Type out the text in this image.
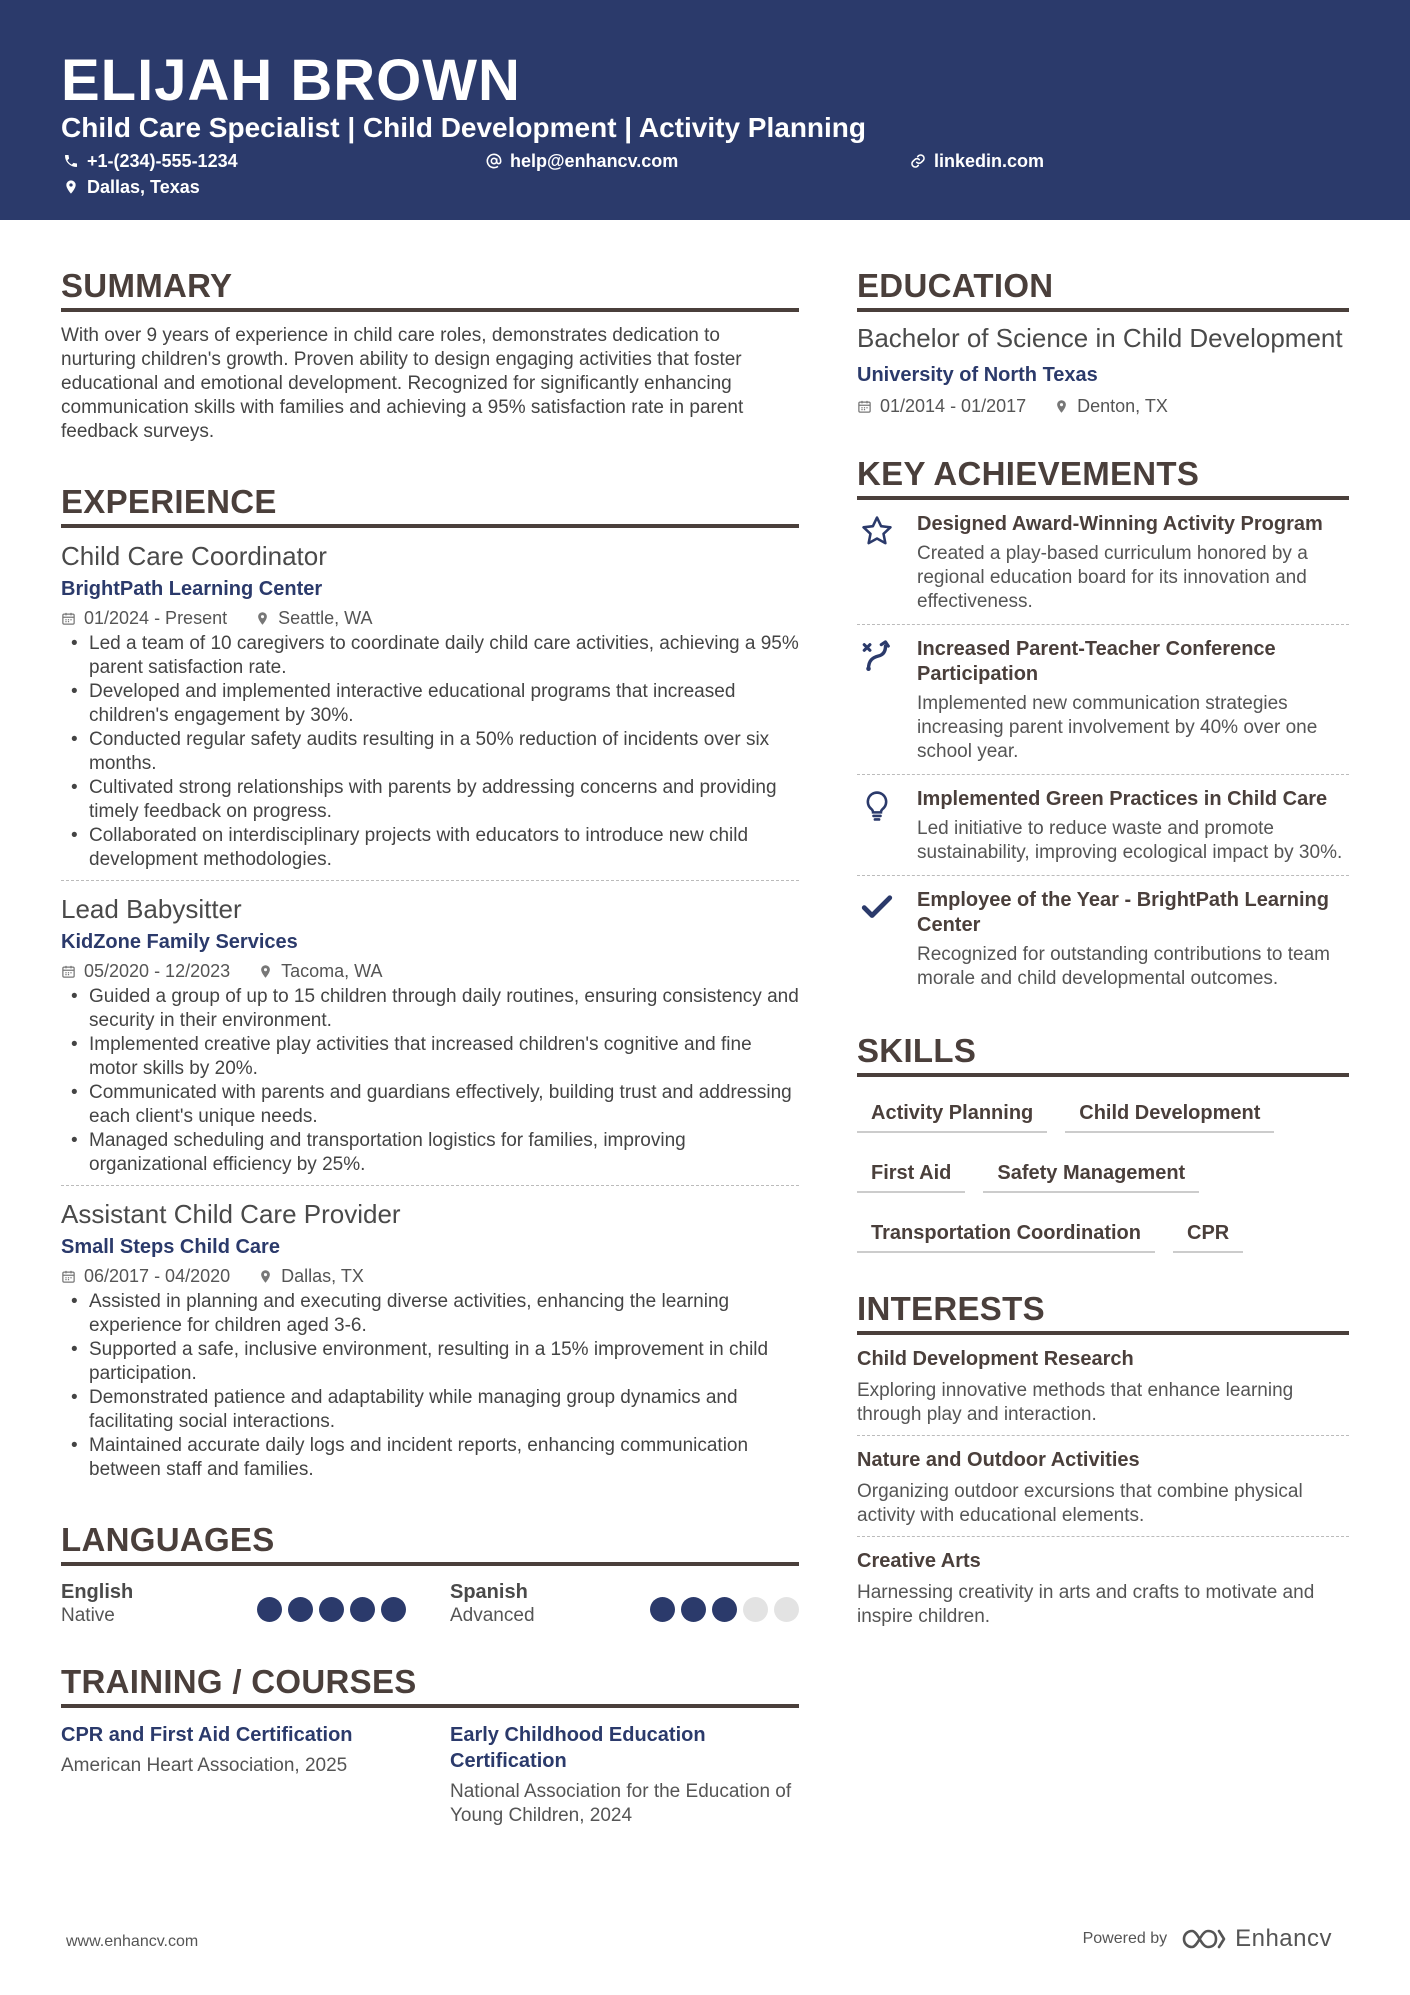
ELIJAH BROWN
Child Care Specialist | Child Development | Activity Planning
+1-(234)-555-1234	help@enhancv.com	linkedin.com
Dallas, Texas
SUMMARY
With over 9 years of experience in child care roles, demonstrates dedication to nurturing children's growth. Proven ability to design engaging activities that foster educational and emotional development. Recognized for significantly enhancing communication skills with families and achieving a 95% satisfaction rate in parent feedback surveys.
EXPERIENCE
Child Care Coordinator
BrightPath Learning Center
01/2024 - Present	Seattle, WA
• Led a team of 10 caregivers to coordinate daily child care activities, achieving a 95% parent satisfaction rate.
• Developed and implemented interactive educational programs that increased children's engagement by 30%.
• Conducted regular safety audits resulting in a 50% reduction of incidents over six months.
• Cultivated strong relationships with parents by addressing concerns and providing timely feedback on progress.
• Collaborated on interdisciplinary projects with educators to introduce new child development methodologies.
Lead Babysitter
KidZone Family Services
05/2020 - 12/2023	Tacoma, WA
• Guided a group of up to 15 children through daily routines, ensuring consistency and security in their environment.
• Implemented creative play activities that increased children's cognitive and fine motor skills by 20%.
• Communicated with parents and guardians effectively, building trust and addressing each client's unique needs.
• Managed scheduling and transportation logistics for families, improving organizational efficiency by 25%.
Assistant Child Care Provider
Small Steps Child Care
06/2017 - 04/2020	Dallas, TX
• Assisted in planning and executing diverse activities, enhancing the learning experience for children aged 3-6.
• Supported a safe, inclusive environment, resulting in a 15% improvement in child participation.
• Demonstrated patience and adaptability while managing group dynamics and facilitating social interactions.
• Maintained accurate daily logs and incident reports, enhancing communication between staff and families.
LANGUAGES
English
Native
Spanish
Advanced
TRAINING / COURSES
CPR and First Aid Certification
American Heart Association, 2025
Early Childhood Education Certification
National Association for the Education of Young Children, 2024
EDUCATION
Bachelor of Science in Child Development
University of North Texas
01/2014 - 01/2017	Denton, TX
KEY ACHIEVEMENTS
Designed Award-Winning Activity Program
Created a play-based curriculum honored by a regional education board for its innovation and effectiveness.
Increased Parent-Teacher Conference Participation
Implemented new communication strategies increasing parent involvement by 40% over one school year.
Implemented Green Practices in Child Care
Led initiative to reduce waste and promote sustainability, improving ecological impact by 30%.
Employee of the Year - BrightPath Learning Center
Recognized for outstanding contributions to team morale and child developmental outcomes.
SKILLS
Activity Planning	Child Development
First Aid	Safety Management
Transportation Coordination	CPR
INTERESTS
Child Development Research
Exploring innovative methods that enhance learning through play and interaction.
Nature and Outdoor Activities
Organizing outdoor excursions that combine physical activity with educational elements.
Creative Arts
Harnessing creativity in arts and crafts to motivate and inspire children.
www.enhancv.com	Powered by	Enhancv
